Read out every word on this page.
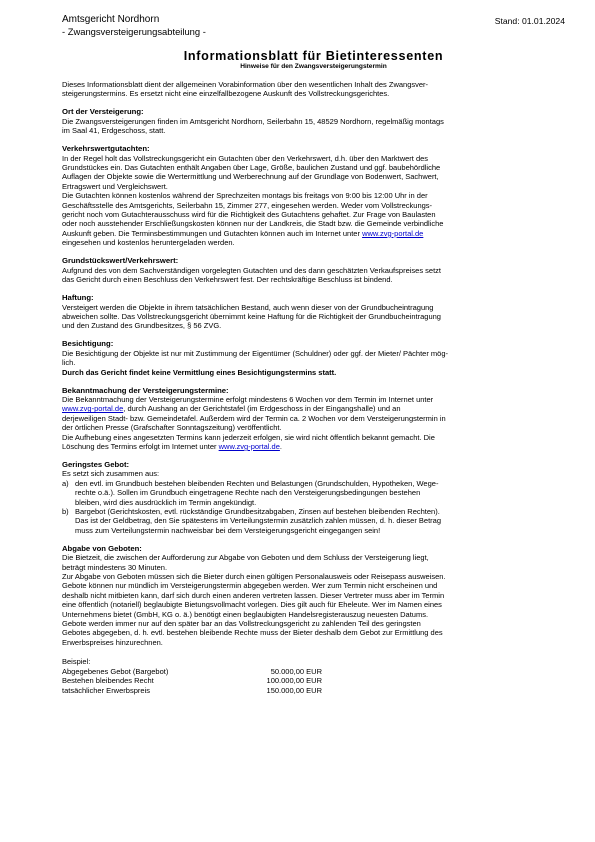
Amtsgericht Nordhorn
- Zwangsversteigerungsabteilung -
Stand: 01.01.2024
Informationsblatt für Bietinteressenten
Hinweise für den Zwangsversteigerungstermin

Dieses Informationsblatt dient der allgemeinen Vorabinformation über den wesentlichen Inhalt des Zwangsver-
steigerungstermins. Es ersetzt nicht eine einzelfallbezogene Auskunft des Vollstreckungsgerichtes.

Ort der Versteigerung:

Die Zwangsversteigerungen finden im Amtsgericht Nordhorn, Seilerbahn 15, 48529 Nordhorn, regelmäßig montags
im Saal 41, Erdgeschoss, statt.

Verkehrswertgutachten:

In der Regel holt das Vollstreckungsgericht ein Gutachten über den Verkehrswert, d.h. über den Marktwert des
Grundstückes ein. Das Gutachten enthält Angaben über Lage, Größe, baulichen Zustand und ggf. baubehördliche
Auflagen der Objekte sowie die Wertermittlung und Werberechnung auf der Grundlage von Bodenwert, Sachwert,
Ertragswert und Vergleichswert.

Die Gutachten können kostenlos während der Sprechzeiten montags bis freitags von 9:00 bis 12:00 Uhr in der
Geschäftsstelle des Amtsgerichts, Seilerbahn 15, Zimmer 277, eingesehen werden. Weder vom Vollstreckungs-
gericht noch vom Gutachterausschuss wird für die Richtigkeit des Gutachtens gehaftet. Zur Frage von Baulasten
oder noch ausstehender Erschließungskosten können nur der Landkreis, die Stadt bzw. die Gemeinde verbindliche
Auskunft geben. Die Terminsbestimmungen und Gutachten können auch im Internet unter www.zvg-portal.de
eingesehen und kostenlos heruntergeladen werden.

Grundstückswert/Verkehrswert:

Aufgrund des von dem Sachverständigen vorgelegten Gutachten und des dann geschätzten Verkaufspreises setzt
das Gericht durch einen Beschluss den Verkehrswert fest. Der rechtskräftige Beschluss ist bindend.

Haftung:

Versteigert werden die Objekte in ihrem tatsächlichen Bestand, auch wenn dieser von der Grundbucheintragung
abweichen sollte. Das Vollstreckungsgericht übernimmt keine Haftung für die Richtigkeit der Grundbucheintragung
und den Zustand des Grundbesitzes, § 56 ZVG.

Besichtigung:

Die Besichtigung der Objekte ist nur mit Zustimmung der Eigentümer (Schuldner) oder ggf. der Mieter/ Pächter mög-
lich.

Durch das Gericht findet keine Vermittlung eines Besichtigungstermins statt.

Bekanntmachung der Versteigerungstermine:

Die Bekanntmachung der Versteigerungstermine erfolgt mindestens 6 Wochen vor dem Termin im Internet unter
www.zvg-portal.de, durch Aushang an der Gerichtstafel (im Erdgeschoss in der Eingangshalle) und an
derjeweiligen Stadt- bzw. Gemeindetafel. Außerdem wird der Termin ca. 2 Wochen vor dem Versteigerungstermin in
der örtlichen Presse (Grafschafter Sonntagszeitung) veröffentlicht.
Die Aufhebung eines angesetzten Termins kann jederzeit erfolgen, sie wird nicht öffentlich bekannt gemacht. Die
Löschung des Termins erfolgt im Internet unter www.zvg-portal.de.

Geringstes Gebot:

Es setzt sich zusammen aus:

a) den evtl. im Grundbuch bestehen bleibenden Rechten und Belastungen (Grundschulden, Hypotheken, Wege-
rechte o.ä.). Sollen im Grundbuch eingetragene Rechte nach den Versteigerungsbedingungen bestehen
bleiben, wird dies ausdrücklich im Termin angekündigt.
b) Bargebot (Gerichtskosten, evtl. rückständige Grundbesitzabgaben, Zinsen auf bestehen bleibenden Rechten).
Das ist der Geldbetrag, den Sie spätestens im Verteilungstermin zusätzlich zahlen müssen, d. h. dieser Betrag
muss zum Verteilungstermin nachweisbar bei dem Versteigerungsgericht eingegangen sein!
Abgabe von Geboten:

Die Bietzeit, die zwischen der Aufforderung zur Abgabe von Geboten und dem Schluss der Versteigerung liegt,
beträgt mindestens 30 Minuten.
Zur Abgabe von Geboten müssen sich die Bieter durch einen gültigen Personalausweis oder Reisepass ausweisen.
Gebote können nur mündlich im Versteigerungstermin abgegeben werden. Wer zum Termin nicht erscheinen und
deshalb nicht mitbieten kann, darf sich durch einen anderen vertreten lassen. Dieser Vertreter muss aber im Termin
eine öffentlich (notariell) beglaubigte Bietungsvollmacht vorlegen. Dies gilt auch für Eheleute. Wer im Namen eines
Unternehmens bietet (GmbH, KG o. ä.) benötigt einen beglaubigten Handelsregisterauszug neuesten Datums.
Gebote werden immer nur auf den später bar an das Vollstreckungsgericht zu zahlenden Teil des geringsten
Gebotes abgegeben, d. h. evtl. bestehen bleibende Rechte muss der Bieter deshalb dem Gebot zur Ermittlung des
Erwerbspreises hinzurechnen.

Beispiel:
Abgegebenes Gebot (Bargebot)	50.000,00 EUR
Bestehen bleibendes Recht	100.000,00 EUR
tatsächlicher Erwerbspreis	150.000,00 EUR
